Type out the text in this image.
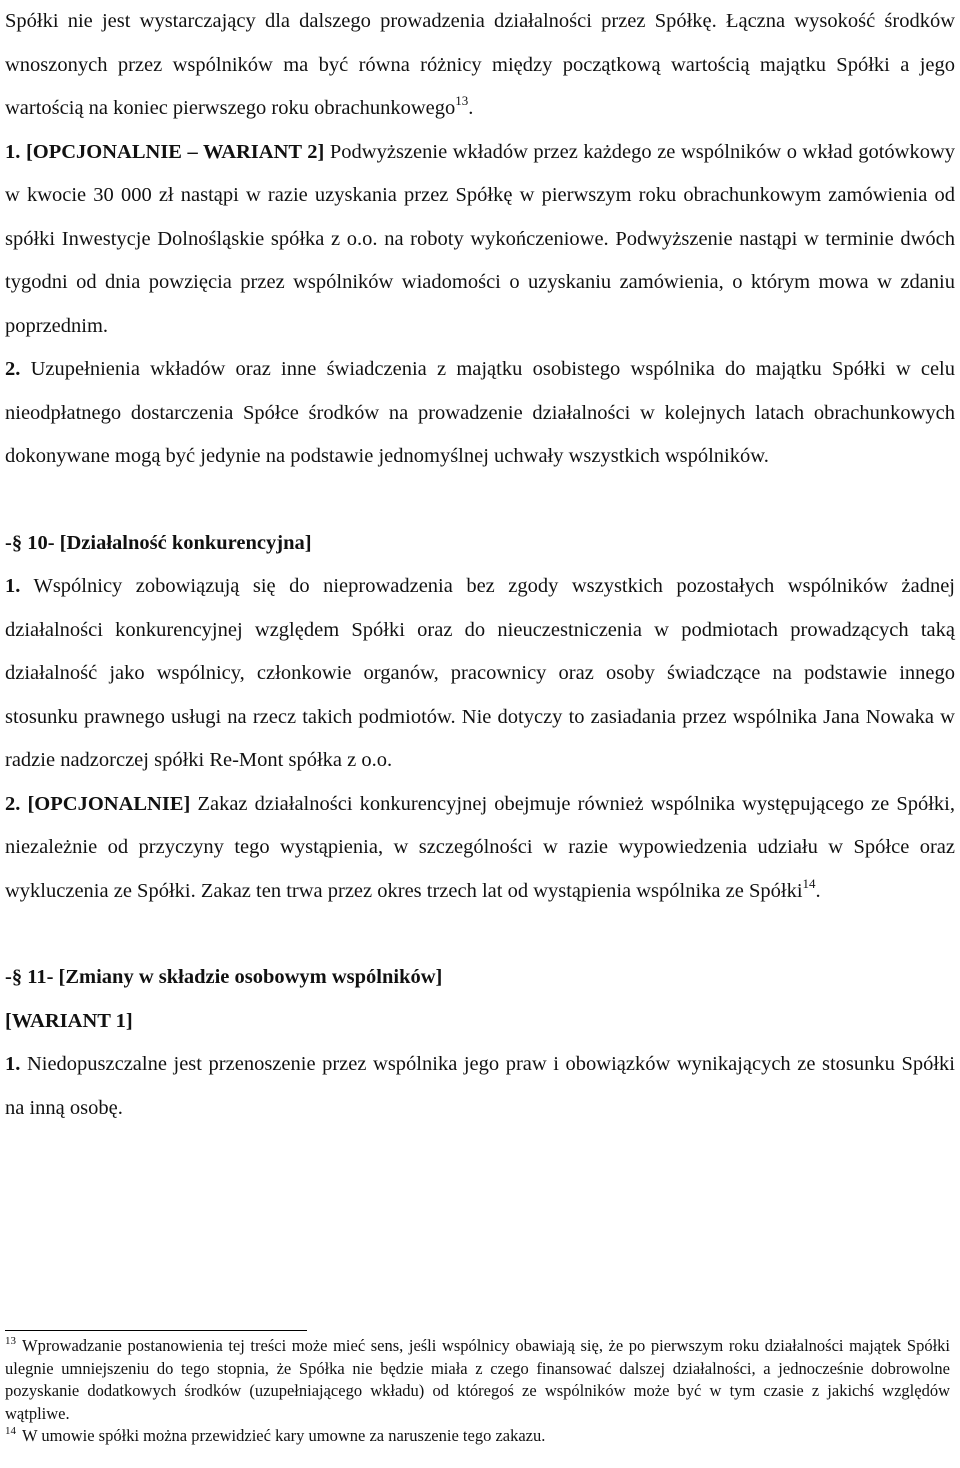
Spółki nie jest wystarczający dla dalszego prowadzenia działalności przez Spółkę. Łączna wysokość środków wnoszonych przez wspólników ma być równa różnicy między początkową wartością majątku Spółki a jego wartością na koniec pierwszego roku obrachunkowego$^{13}$.

1. [OPCJONALNIE – WARIANT 2] Podwyższenie wkładów przez każdego ze wspólników o wkład gotówkowy w kwocie 30 000 zł nastąpi w razie uzyskania przez Spółkę w pierwszym roku obrachunkowym zamówienia od spółki Inwestycje Dolnośląskie spółka z o.o. na roboty wykończeniowe. Podwyższenie nastąpi w terminie dwóch tygodni od dnia powzięcia przez wspólników wiadomości o uzyskaniu zamówienia, o którym mowa w zdaniu poprzednim.

2. Uzupełnienia wkładów oraz inne świadczenia z majątku osobistego wspólnika do majątku Spółki w celu nieodpłatnego dostarczenia Spółce środków na prowadzenie działalności w kolejnych latach obrachunkowych dokonywane mogą być jedynie na podstawie jednomyślnej uchwały wszystkich wspólników.

-§ 10- [Działalność konkurencyjna]

1. Wspólnicy zobowiązują się do nieprowadzenia bez zgody wszystkich pozostałych wspólników żadnej działalności konkurencyjnej względem Spółki oraz do nieuczestniczenia w podmiotach prowadzących taką działalność jako wspólnicy, członkowie organów, pracownicy oraz osoby świadczące na podstawie innego stosunku prawnego usługi na rzecz takich podmiotów. Nie dotyczy to zasiadania przez wspólnika Jana Nowaka w radzie nadzorczej spółki Re-Mont spółka z o.o.

2. [OPCJONALNIE] Zakaz działalności konkurencyjnej obejmuje również wspólnika występującego ze Spółki, niezależnie od przyczyny tego wystąpienia, w szczególności w razie wypowiedzenia udziału w Spółce oraz wykluczenia ze Spółki. Zakaz ten trwa przez okres trzech lat od wystąpienia wspólnika ze Spółki$^{14}$.

-§ 11- [Zmiany w składzie osobowym wspólników]

[WARIANT 1]

1. Niedopuszczalne jest przenoszenie przez wspólnika jego praw i obowiązków wynikających ze stosunku Spółki na inną osobę.

$^{13}$ Wprowadzanie postanowienia tej treści może mieć sens, jeśli wspólnicy obawiają się, że po pierwszym roku działalności majątek Spółki ulegnie umniejszeniu do tego stopnia, że Spółka nie będzie miała z czego finansować dalszej działalności, a jednocześnie dobrowolne pozyskanie dodatkowych środków (uzupełniającego wkładu) od któregoś ze wspólników może być w tym czasie z jakichś względów wątpliwe.

$^{14}$ W umowie spółki można przewidzieć kary umowne za naruszenie tego zakazu.
